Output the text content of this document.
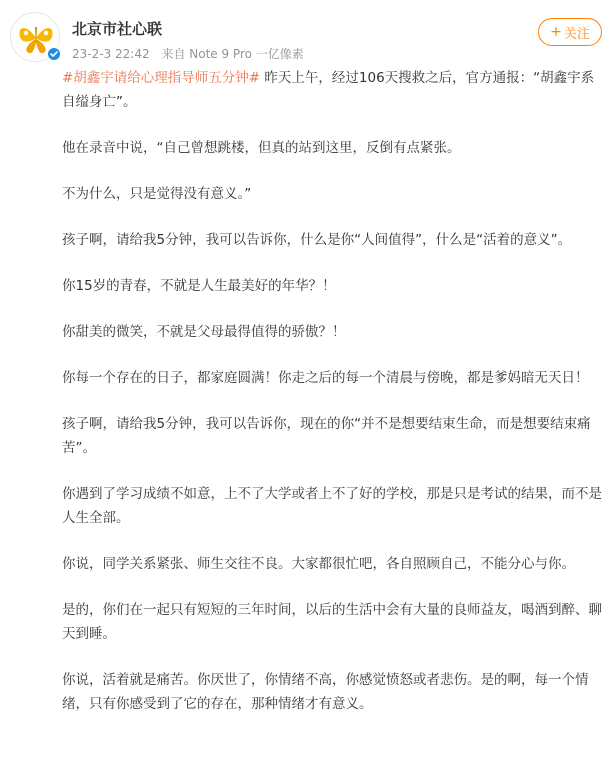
北京市社心联
23-2-3 22:42 来自 Note 9 Pro 一亿像素
+ 关注

#胡鑫宇请给心理指导师五分钟# 昨天上午，经过106天搜救之后，官方通报：“胡鑫宇系自缢身亡”。

他在录音中说，“自己曾想跳楼，但真的站到这里，反倒有点紧张。

不为什么，只是觉得没有意义。”

孩子啊，请给我5分钟，我可以告诉你，什么是你“人间值得”，什么是“活着的意义”。

你15岁的青春，不就是人生最美好的年华？！

你甜美的微笑，不就是父母最得值得的骄傲？！

你每一个存在的日子，都家庭圆满！你走之后的每一个清晨与傍晚，都是爹妈暗无天日！

孩子啊，请给我5分钟，我可以告诉你，现在的你“并不是想要结束生命，而是想要结束痛苦”。

你遇到了学习成绩不如意，上不了大学或者上不了好的学校，那是只是考试的结果，而不是人生全部。

你说，同学关系紧张、师生交往不良。大家都很忙吧，各自照顾自己，不能分心与你。

是的，你们在一起只有短短的三年时间，以后的生活中会有大量的良师益友，喝酒到醉、聊天到睡。

你说，活着就是痛苦。你厌世了，你情绪不高，你感觉愤怒或者悲伤。是的啊，每一个情绪，只有你感受到了它的存在，那种情绪才有意义。
